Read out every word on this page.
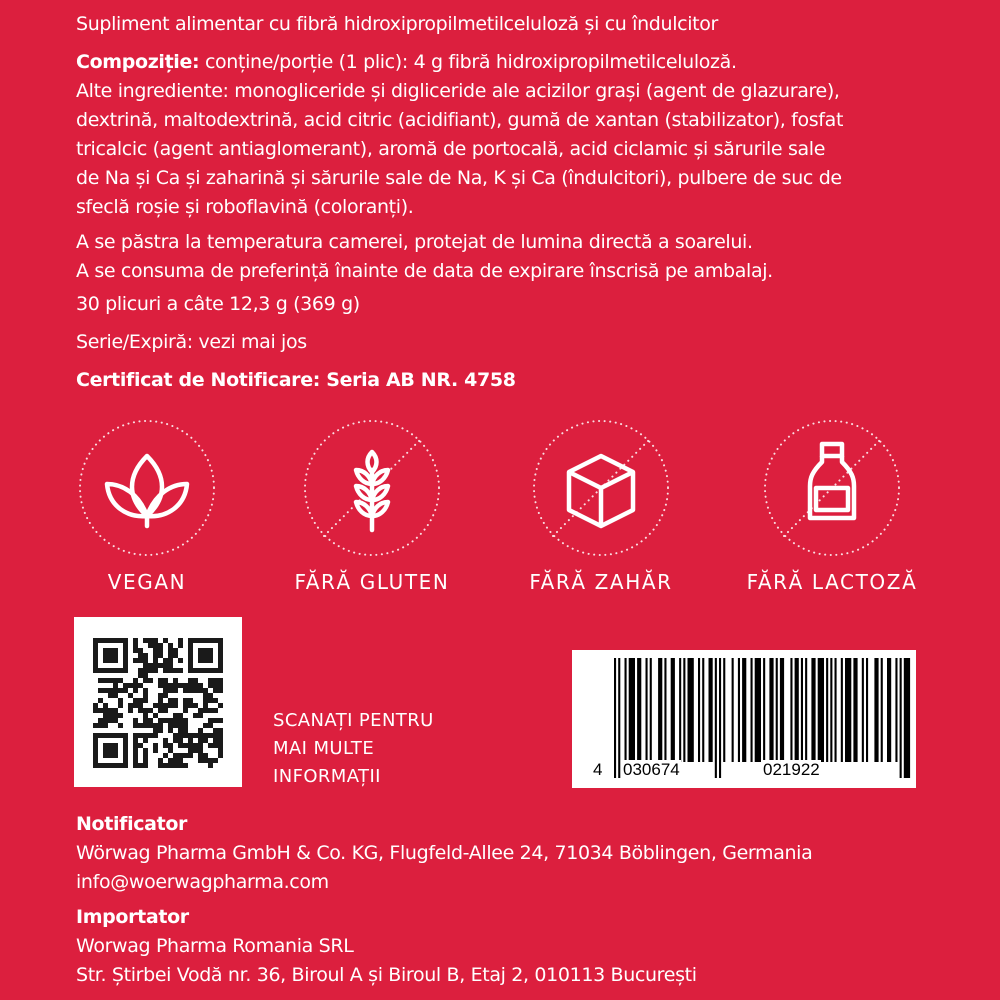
Supliment alimentar cu fibră hidroxipropilmetilceluloză și cu îndulcitor
Compoziție: conține/porție (1 plic): 4 g fibră hidroxipropilmetilceluloză.
Alte ingrediente: monogliceride și digliceride ale acizilor grași (agent de glazurare),
dextrină, maltodextrină, acid citric (acidifiant), gumă de xantan (stabilizator), fosfat
tricalcic (agent antiaglomerant), aromă de portocală, acid ciclamic și sărurile sale
de Na și Ca și zaharină și sărurile sale de Na, K și Ca (îndulcitori), pulbere de suc de
sfeclă roșie și roboflavină (coloranți).
A se păstra la temperatura camerei, protejat de lumina directă a soarelui.
A se consuma de preferință înainte de data de expirare înscrisă pe ambalaj.
30 plicuri a câte 12,3 g (369 g)
Serie/Expiră: vezi mai jos
Certificat de Notificare: Seria AB NR. 4758
VEGAN	FĂRĂ GLUTEN	FĂRĂ ZAHĂR	FĂRĂ LACTOZĂ
SCANAȚI PENTRU
MAI MULTE
INFORMAȚII	4 030674	021922
Notificator
Wörwag Pharma GmbH & Co. KG, Flugfeld-Allee 24, 71034 Böblingen, Germania
info@woerwagpharma.com
Importator
Worwag Pharma Romania SRL
Str. Știrbei Vodă nr. 36, Biroul A și Biroul B, Etaj 2, 010113 București
